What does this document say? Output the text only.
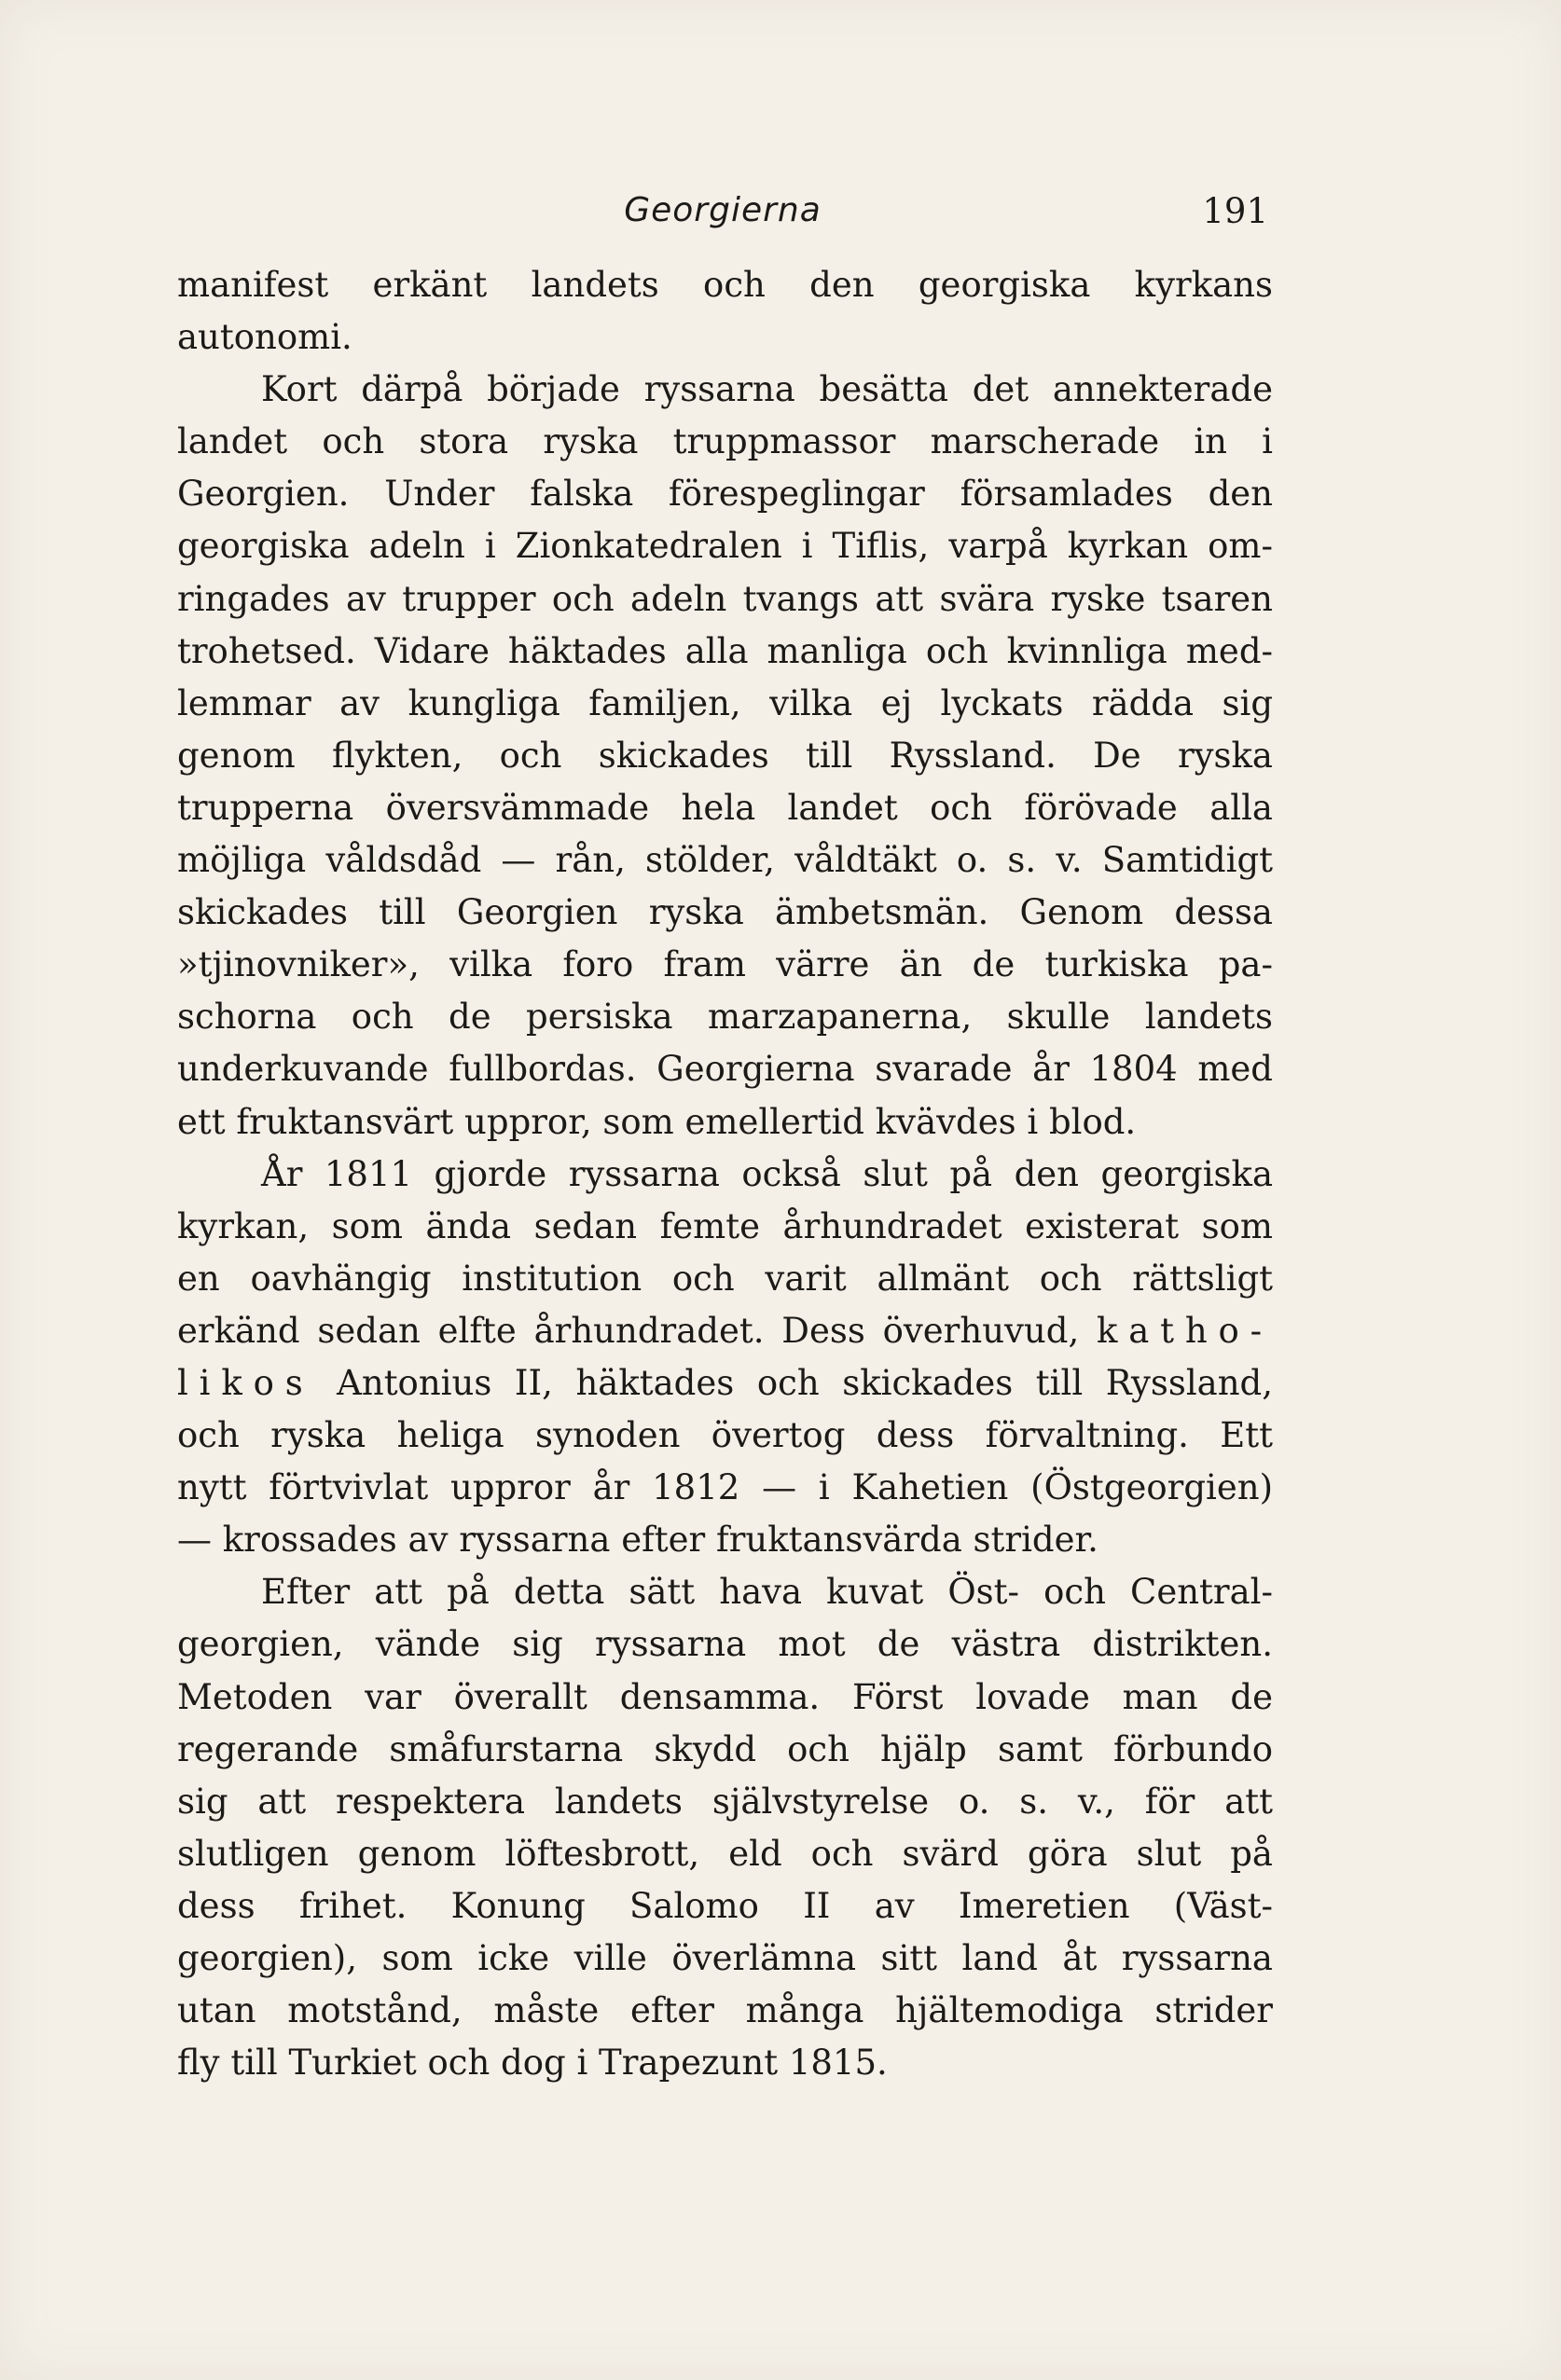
Georgierna	191
manifest erkänt landets och den georgiska kyrkans
autonomi.
Kort därpå började ryssarna besätta det annekterade
landet och stora ryska truppmassor marscherade in i
Georgien. Under falska förespeglingar församlades den
georgiska adeln i Zionkatedralen i Tiflis, varpå kyrkan om-
ringades av trupper och adeln tvangs att svära ryske tsaren
trohetsed. Vidare häktades alla manliga och kvinnliga med-
lemmar av kungliga familjen, vilka ej lyckats rädda sig
genom flykten, och skickades till Ryssland. De ryska
trupperna översvämmade hela landet och förövade alla
möjliga våldsdåd — rån, stölder, våldtäkt o. s. v. Samtidigt
skickades till Georgien ryska ämbetsmän. Genom dessa
»tjinovniker», vilka foro fram värre än de turkiska pa-
schorna och de persiska marzapanerna, skulle landets
underkuvande fullbordas. Georgierna svarade år 1804 med
ett fruktansvärt uppror, som emellertid kvävdes i blod.
År 1811 gjorde ryssarna också slut på den georgiska
kyrkan, som ända sedan femte århundradet existerat som
en oavhängig institution och varit allmänt och rättsligt
erkänd sedan elfte århundradet. Dess överhuvud, katho-
likos Antonius II, häktades och skickades till Ryssland,
och ryska heliga synoden övertog dess förvaltning. Ett
nytt förtvivlat uppror år 1812 — i Kahetien (Östgeorgien)
— krossades av ryssarna efter fruktansvärda strider.
Efter att på detta sätt hava kuvat Öst- och Central-
georgien, vände sig ryssarna mot de västra distrikten.
Metoden var överallt densamma. Först lovade man de
regerande småfurstarna skydd och hjälp samt förbundo
sig att respektera landets självstyrelse o. s. v., för att
slutligen genom löftesbrott, eld och svärd göra slut på
dess frihet. Konung Salomo II av Imeretien (Väst-
georgien), som icke ville överlämna sitt land åt ryssarna
utan motstånd, måste efter många hjältemodiga strider
fly till Turkiet och dog i Trapezunt 1815.
